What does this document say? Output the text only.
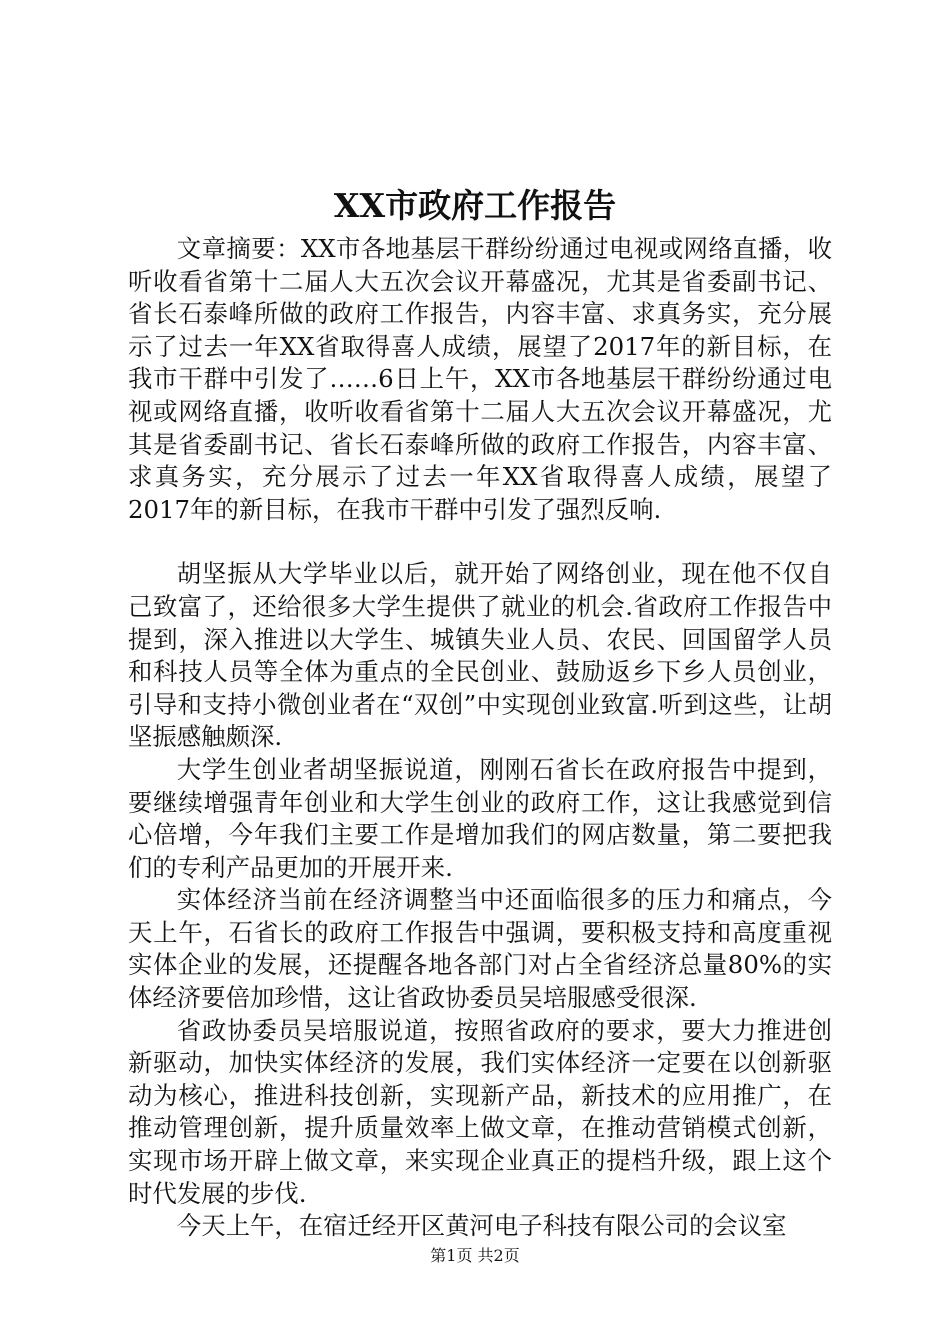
XX市政府工作报告

文章摘要：XX市各地基层干群纷纷通过电视或网络直播，收听收看省第十二届人大五次会议开幕盛况，尤其是省委副书记、省长石泰峰所做的政府工作报告，内容丰富、求真务实，充分展示了过去一年XX省取得喜人成绩，展望了2017年的新目标，在我市干群中引发了……6日上午，XX市各地基层干群纷纷通过电视或网络直播，收听收看省第十二届人大五次会议开幕盛况，尤其是省委副书记、省长石泰峰所做的政府工作报告，内容丰富、求真务实，充分展示了过去一年XX省取得喜人成绩，展望了2017年的新目标，在我市干群中引发了强烈反响.

胡坚振从大学毕业以后，就开始了网络创业，现在他不仅自己致富了，还给很多大学生提供了就业的机会.省政府工作报告中提到，深入推进以大学生、城镇失业人员、农民、回国留学人员和科技人员等全体为重点的全民创业、鼓励返乡下乡人员创业，引导和支持小微创业者在“双创”中实现创业致富.听到这些，让胡坚振感触颇深.

大学生创业者胡坚振说道，刚刚石省长在政府报告中提到，要继续增强青年创业和大学生创业的政府工作，这让我感觉到信心倍增，今年我们主要工作是增加我们的网店数量，第二要把我们的专利产品更加的开展开来.

实体经济当前在经济调整当中还面临很多的压力和痛点，今天上午，石省长的政府工作报告中强调，要积极支持和高度重视实体企业的发展，还提醒各地各部门对占全省经济总量80%的实体经济要倍加珍惜，这让省政协委员吴培服感受很深.

省政协委员吴培服说道，按照省政府的要求，要大力推进创新驱动，加快实体经济的发展，我们实体经济一定要在以创新驱动为核心，推进科技创新，实现新产品，新技术的应用推广，在推动管理创新，提升质量效率上做文章，在推动营销模式创新，实现市场开辟上做文章，来实现企业真正的提档升级，跟上这个时代发展的步伐.

今天上午，在宿迁经开区黄河电子科技有限公司的会议室

第1页 共2页
